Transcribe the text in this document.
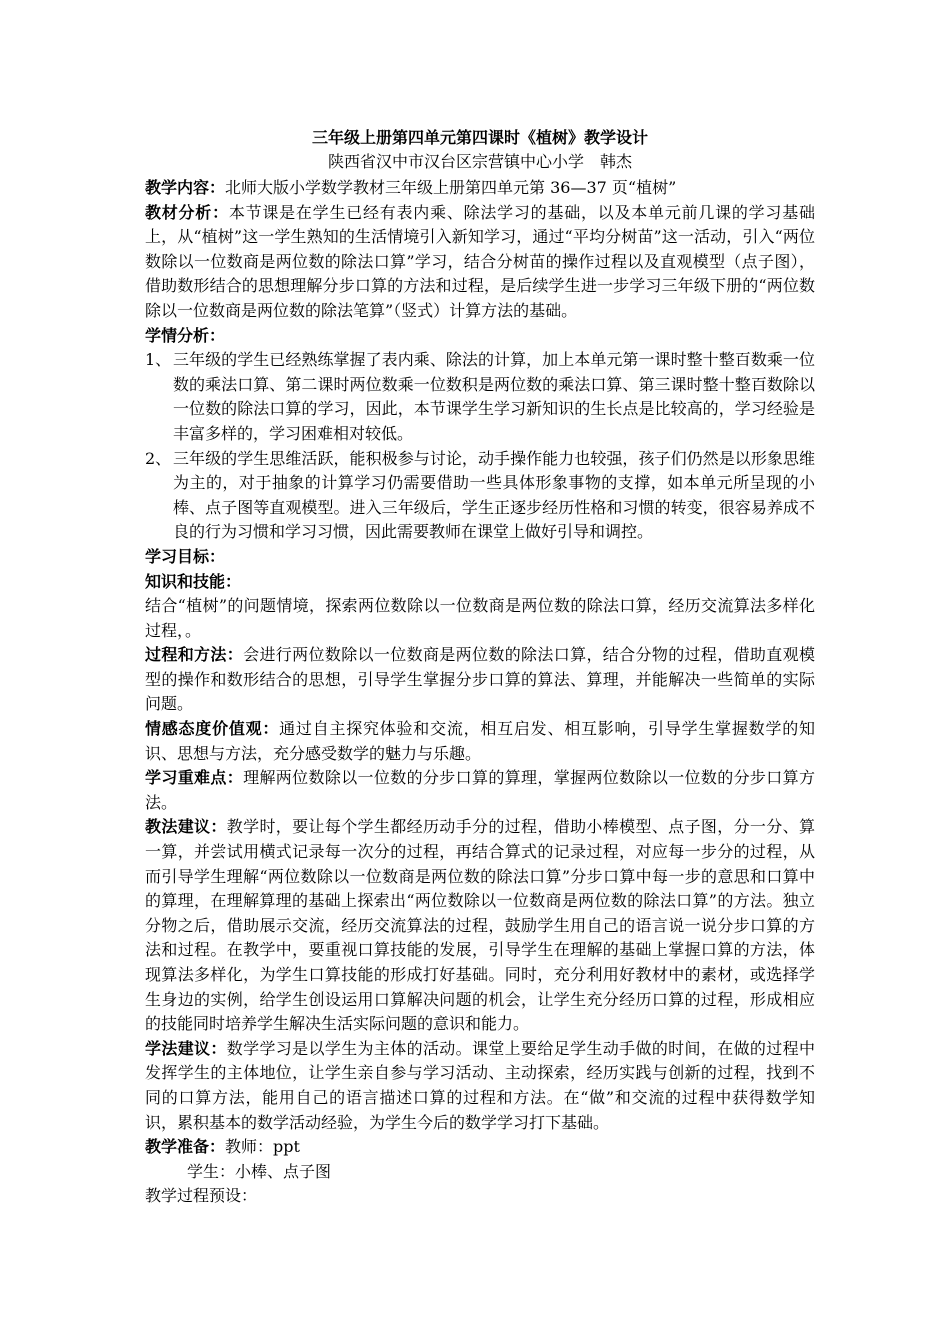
三年级上册第四单元第四课时《植树》教学设计

陕西省汉中市汉台区宗营镇中心小学　韩杰

教学内容：北师大版小学数学教材三年级上册第四单元第 36—37 页“植树”

教材分析：本节课是在学生已经有表内乘、除法学习的基础，以及本单元前几课的学习基础上，从“植树”这一学生熟知的生活情境引入新知学习，通过“平均分树苗”这一活动，引入“两位数除以一位数商是两位数的除法口算”学习，结合分树苗的操作过程以及直观模型（点子图），借助数形结合的思想理解分步口算的方法和过程，是后续学生进一步学习三年级下册的“两位数除以一位数商是两位数的除法笔算”（竖式）计算方法的基础。

学情分析：

1、 三年级的学生已经熟练掌握了表内乘、除法的计算，加上本单元第一课时整十整百数乘一位数的乘法口算、第二课时两位数乘一位数积是两位数的乘法口算、第三课时整十整百数除以一位数的除法口算的学习，因此，本节课学生学习新知识的生长点是比较高的，学习经验是丰富多样的，学习困难相对较低。
2、 三年级的学生思维活跃，能积极参与讨论，动手操作能力也较强，孩子们仍然是以形象思维为主的，对于抽象的计算学习仍需要借助一些具体形象事物的支撑，如本单元所呈现的小棒、点子图等直观模型。进入三年级后，学生正逐步经历性格和习惯的转变，很容易养成不良的行为习惯和学习习惯，因此需要教师在课堂上做好引导和调控。

学习目标：

知识和技能：

结合“植树”的问题情境，探索两位数除以一位数商是两位数的除法口算，经历交流算法多样化过程，。

过程和方法：会进行两位数除以一位数商是两位数的除法口算，结合分物的过程，借助直观模型的操作和数形结合的思想，引导学生掌握分步口算的算法、算理，并能解决一些简单的实际问题。

情感态度价值观：通过自主探究体验和交流，相互启发、相互影响，引导学生掌握数学的知识、思想与方法，充分感受数学的魅力与乐趣。

学习重难点：理解两位数除以一位数的分步口算的算理，掌握两位数除以一位数的分步口算方法。

教法建议：教学时，要让每个学生都经历动手分的过程，借助小棒模型、点子图，分一分、算一算，并尝试用横式记录每一次分的过程，再结合算式的记录过程，对应每一步分的过程，从而引导学生理解“两位数除以一位数商是两位数的除法口算”分步口算中每一步的意思和口算中的算理，在理解算理的基础上探索出“两位数除以一位数商是两位数的除法口算”的方法。独立分物之后，借助展示交流，经历交流算法的过程，鼓励学生用自己的语言说一说分步口算的方法和过程。在教学中，要重视口算技能的发展，引导学生在理解的基础上掌握口算的方法，体现算法多样化，为学生口算技能的形成打好基础。同时，充分利用好教材中的素材，或选择学生身边的实例，给学生创设运用口算解决问题的机会，让学生充分经历口算的过程，形成相应的技能同时培养学生解决生活实际问题的意识和能力。

学法建议：数学学习是以学生为主体的活动。课堂上要给足学生动手做的时间，在做的过程中发挥学生的主体地位，让学生亲自参与学习活动、主动探索，经历实践与创新的过程，找到不同的口算方法，能用自己的语言描述口算的过程和方法。在“做”和交流的过程中获得数学知识，累积基本的数学活动经验，为学生今后的数学学习打下基础。

教学准备：教师：ppt

学生：小棒、点子图

教学过程预设：
